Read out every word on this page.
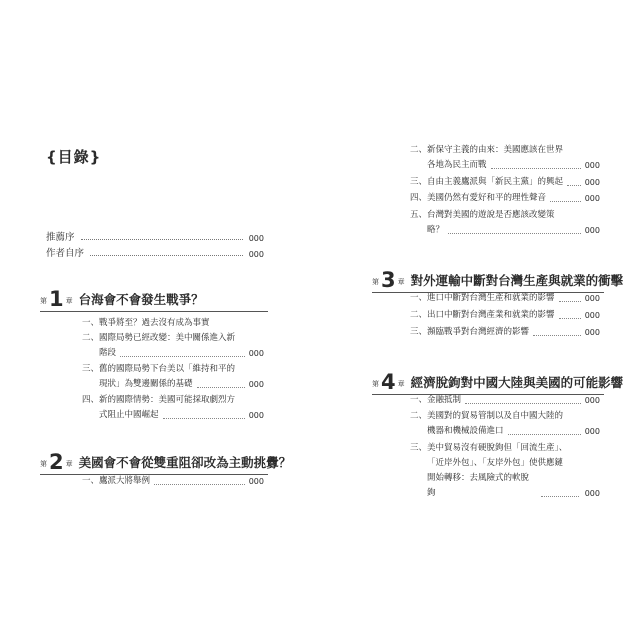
{目錄}
推薦序	000
作者自序	000
第 1 章 台海會不會發生戰爭？
一、 戰爭將至？過去沒有成為事實
二、 國際局勢已經改變：美中關係進入新
階段	000
三、 舊的國際局勢下台美以「維持和平的
現狀」為雙邊關係的基礎	000
四、 新的國際情勢：美國可能採取劇烈方
式阻止中國崛起	000
第 2 章 美國會不會從雙重阻卻改為主動挑釁？
一、 鷹派大將舉例	000
二、 新保守主義的由來：美國應該在世界
各地為民主而戰	000
三、 自由主義鷹派與「新民主黨」的興起	000
四、 美國仍然有愛好和平的理性聲音	000
五、 台灣對美國的遊說是否應該改變策
略？	000
第 3 章 對外運輸中斷對台灣生產與就業的衝擊
一、 進口中斷對台灣生產和就業的影響	000
二、 出口中斷對台灣產業和就業的影響	000
三、 瀕臨戰爭對台灣經濟的影響	000
第 4 章 經濟脫鉤對中國大陸與美國的可能影響
一、 金融抵制	000
二、 美國對的貿易管制以及自中國大陸的
機器和機械設備進口	000
三、 美中貿易沒有硬脫鉤但「回流生產」、
「近岸外包」、「友岸外包」使供應鏈
開始轉移：去風險式的軟脫鉤	000
